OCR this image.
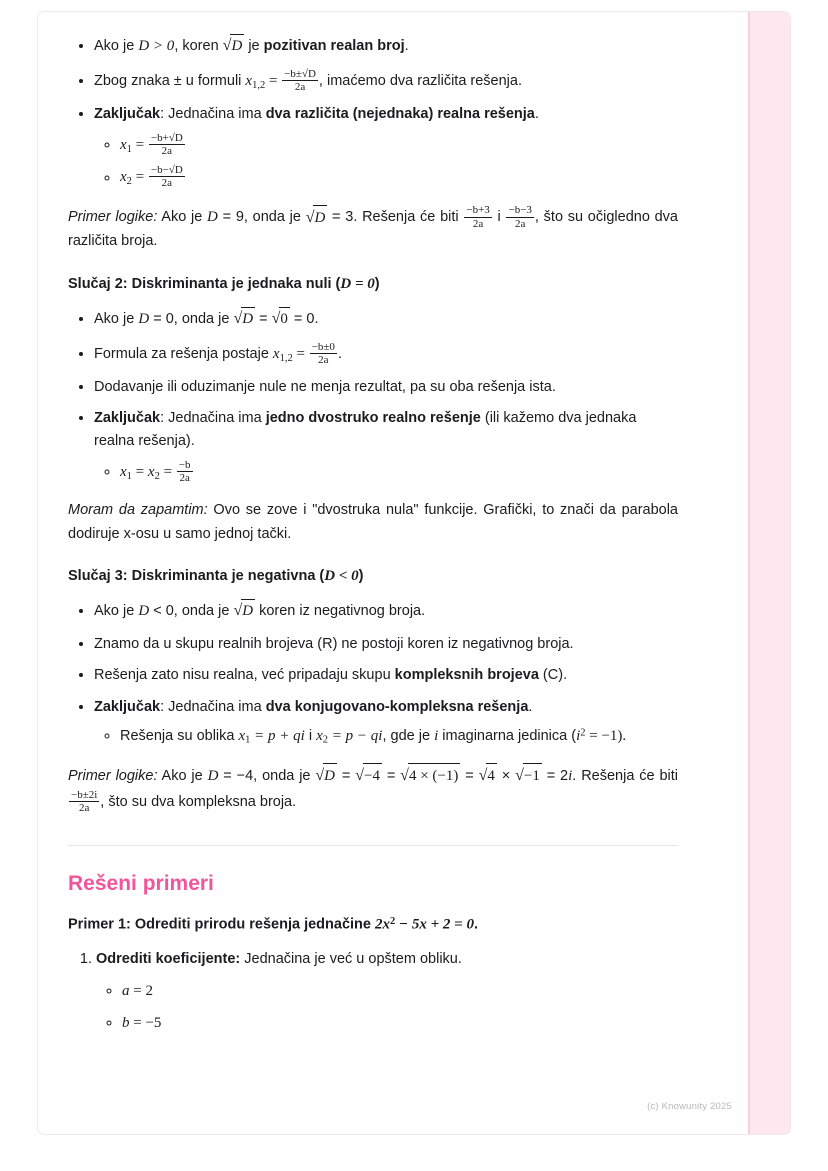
• Ako je D > 0, koren √D je pozitivan realan broj.
• Zbog znaka ± u formuli $x1,2 = \frac{-b\pm√D}{2a}$ , imaćemo dva različita rešenja.
• Zaključak: Jednačina ima dva različita (nejednaka) realna rešenja.
◦ $x1 = \frac{-b+√D}{2a}$
◦ $x2 = \frac{-b-√D}{2a}$

Primer logike: Ako je D = 9, onda je √D = 3. Rešenja će biti $\frac{-b+3}{2a}$ i $\frac{-b-3}{2a}$ , što su očigledno dva različita broja.

Slučaj 2: Diskriminanta je jednaka nuli (D = 0)
• Ako je D = 0, onda je √D = √0 = 0.
• Formula za rešenja postaje $x1,2 = \frac{-b\pm 0}{2a}$ .
• Dodavanje ili oduzimanje nule ne menja rezultat, pa su oba rešenja ista.
• Zaključak: Jednačina ima jedno dvostruko realno rešenje (ili kažemo dva jednaka realna rešenja).
◦ $x1 = x2 = \frac{-b}{2a}$

Moram da zapamtim: Ovo se zove i "dvostruka nula" funkcije. Grafički, to znači da parabola dodiruje x-osu u samo jednoj tački.

Slučaj 3: Diskriminanta je negativna (D < 0)
• Ako je D < 0, onda je √D koren iz negativnog broja.
• Znamo da u skupu realnih brojeva (R) ne postoji koren iz negativnog broja.
• Rešenja zato nisu realna, već pripadaju skupu kompleksnih brojeva (C).
• Zaključak: Jednačina ima dva konjugovano-kompleksna rešenja.
◦ Rešenja su oblika x1 = p + qi i x2 = p − qi, gde je i imaginarna jedinica $(i^2 = -1)$.

Primer logike: Ako je D = −4, onda je √D = √−4 = √4 × (−1) = √4 × √−1 = 2i. Rešenja će biti
$\frac{-b\pm 2i}{2a}$ , što su dva kompleksna broja.

Rešeni primeri
Primer 1: Odrediti prirodu rešenja jednačine $2x^2 - 5x + 2 = 0$.
1. Odrediti koeficijente: Jednačina je već u opštem obliku.
◦ a = 2
◦ b = −5
(c) Knowunity 2025
